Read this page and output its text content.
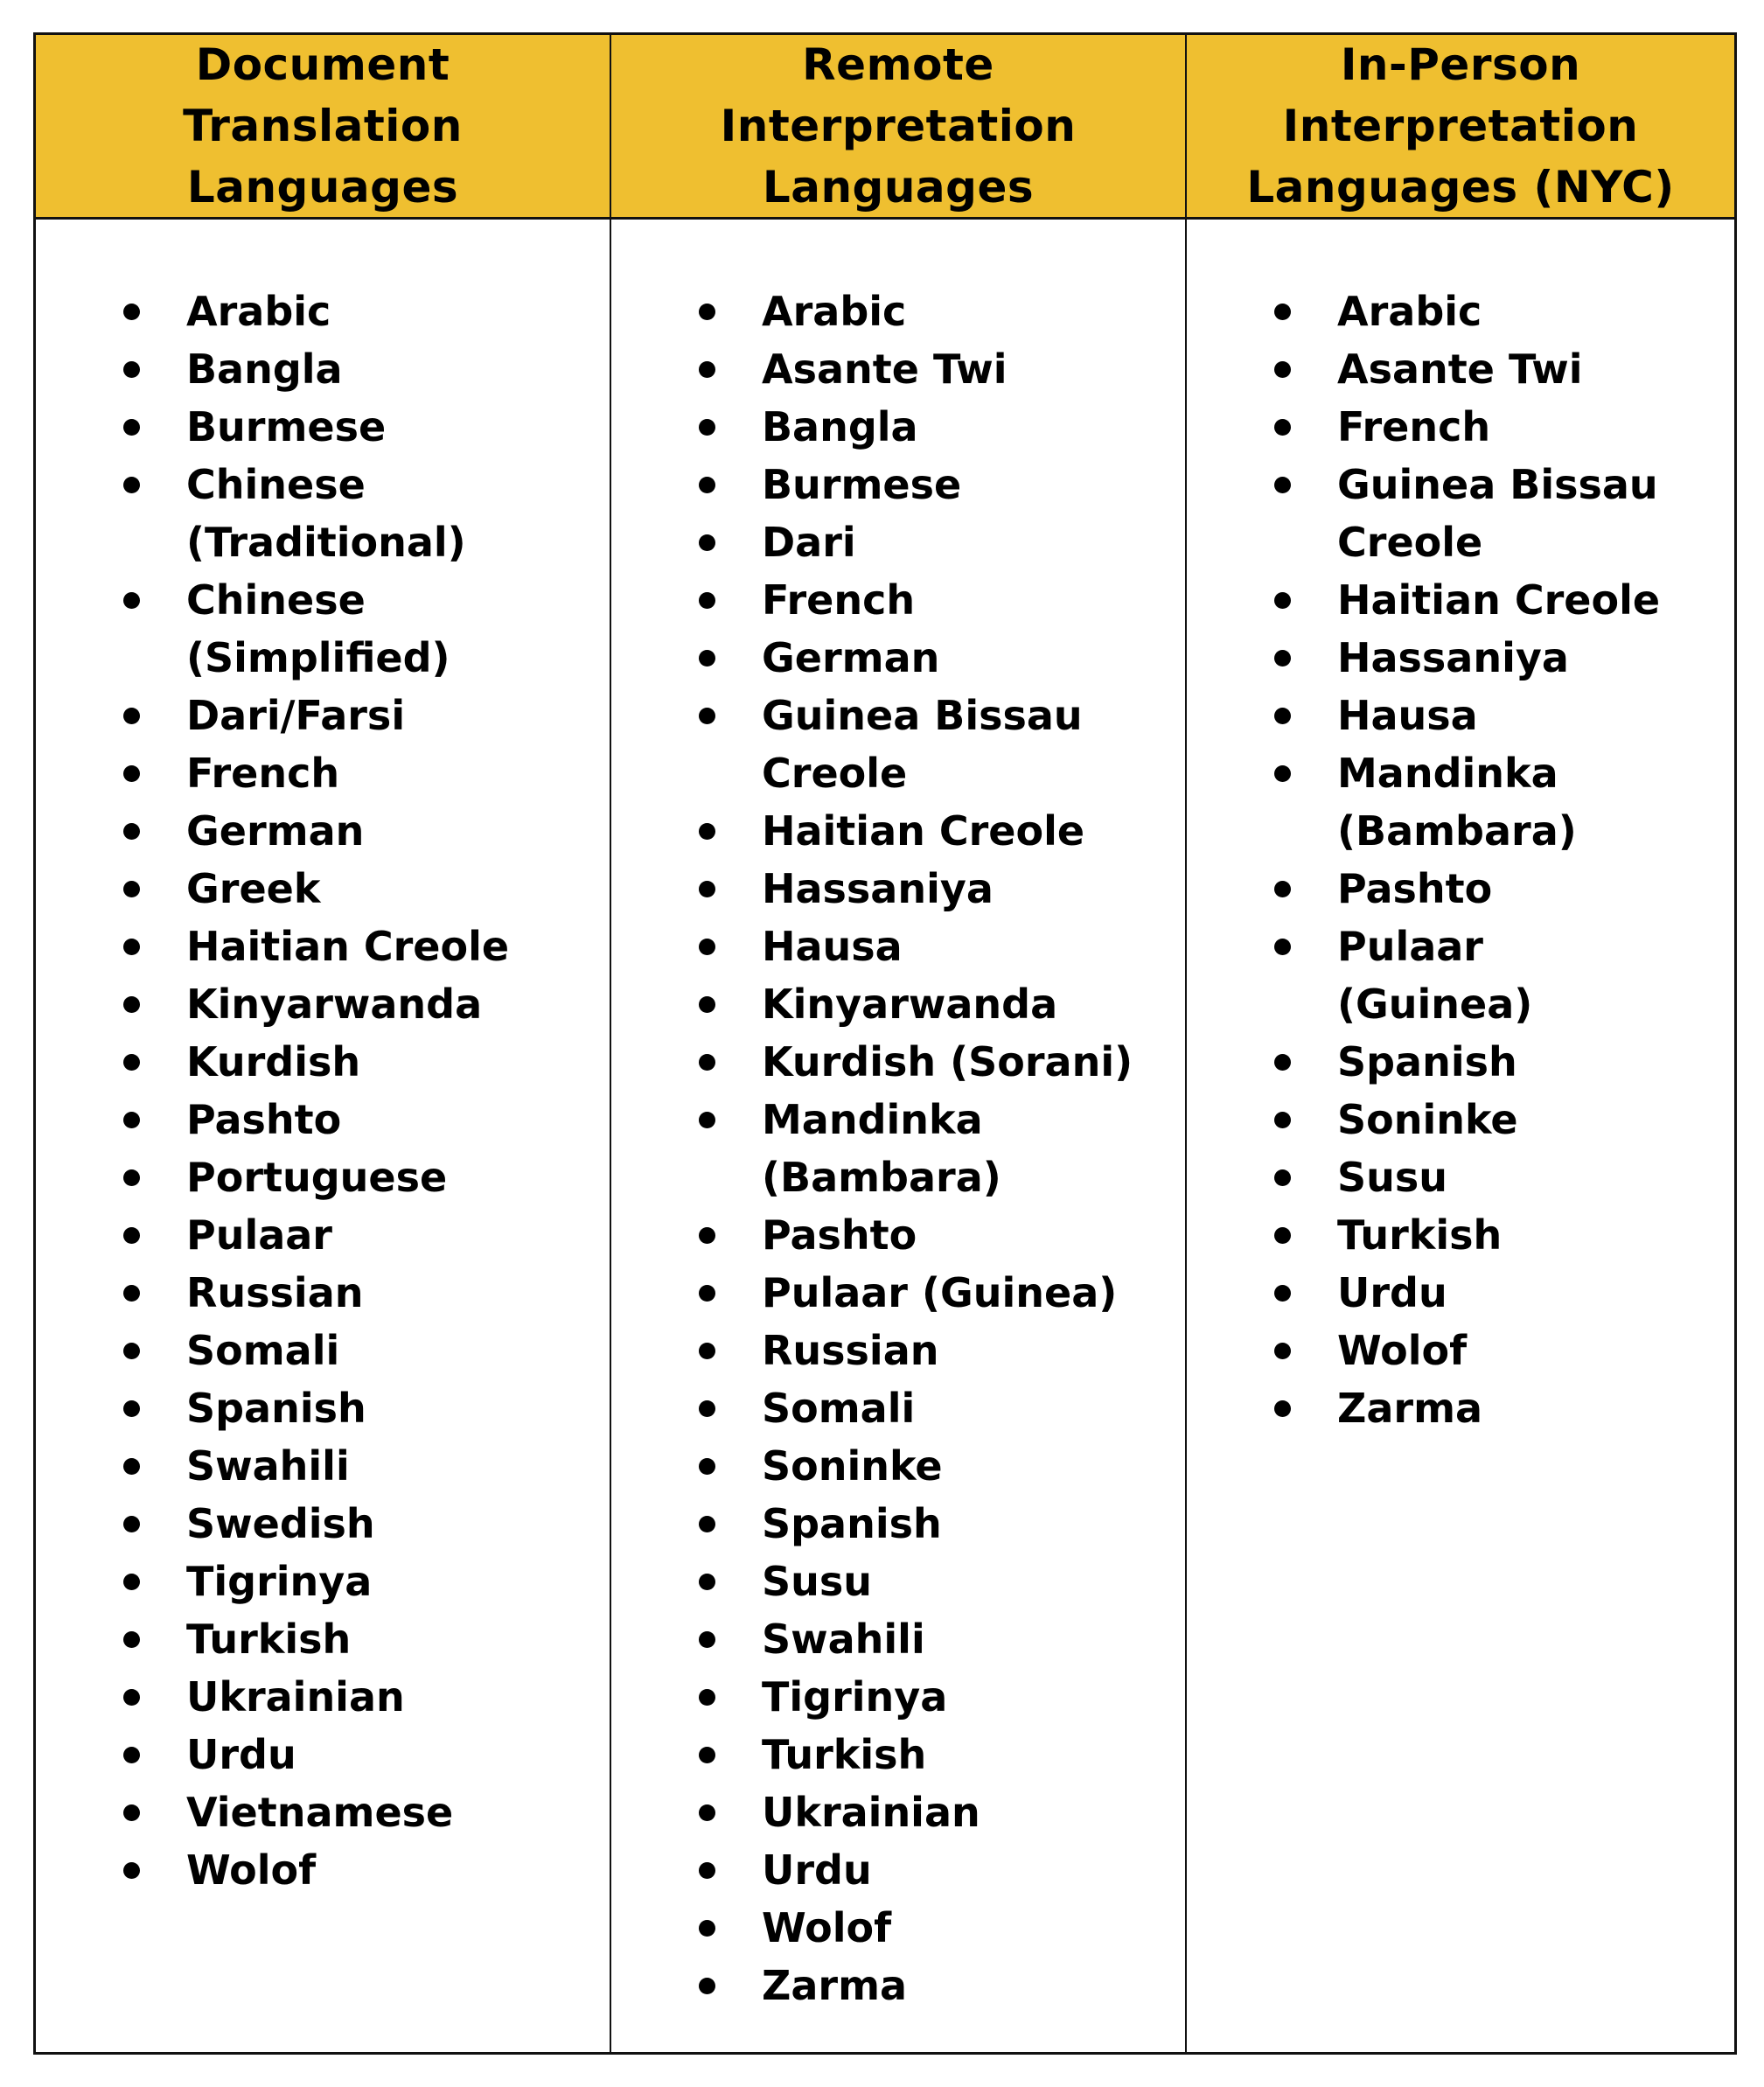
Document Translation
Languages
Remote Interpretation
Languages
In-Person
Interpretation
Languages (NYC)
Arabic
Bangla
Burmese
Chinese (Traditional)
Chinese (Simplified)
Dari/Farsi
French
German
Greek
Haitian Creole
Kinyarwanda
Kurdish
Pashto
Portuguese
Pulaar
Russian
Somali
Spanish
Swahili
Swedish
Tigrinya
Turkish
Ukrainian
Urdu
Vietnamese
Wolof
Arabic
Asante Twi
Bangla
Burmese
Dari
French
German
Guinea Bissau Creole
Haitian Creole
Hassaniya
Hausa
Kinyarwanda
Kurdish (Sorani)
Mandinka (Bambara)
Pashto
Pulaar (Guinea)
Russian
Somali
Soninke
Spanish
Susu
Swahili
Tigrinya
Turkish
Ukrainian
Urdu
Wolof
Zarma
Arabic
Asante Twi
French
Guinea Bissau Creole
Haitian Creole
Hassaniya
Hausa
Mandinka (Bambara)
Pashto
Pulaar (Guinea)
Spanish
Soninke
Susu
Turkish
Urdu
Wolof
Zarma
